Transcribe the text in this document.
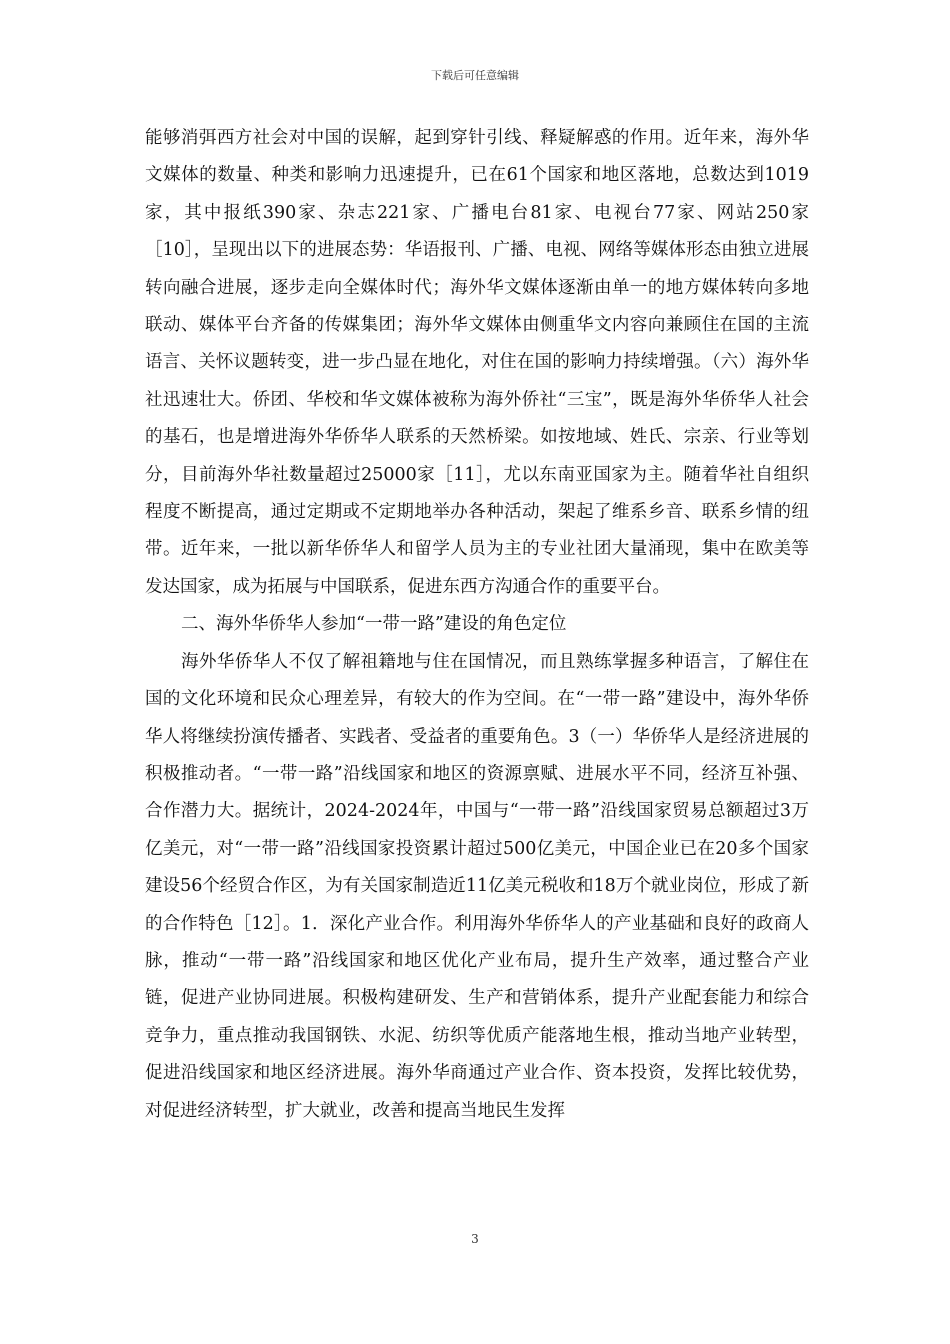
下载后可任意编辑

能够消弭西方社会对中国的误解，起到穿针引线、释疑解惑的作用。近年来，海外华文媒体的数量、种类和影响力迅速提升，已在61个国家和地区落地，总数达到1019家，其中报纸390家、杂志221家、广播电台81家、电视台77家、网站250家［10］，呈现出以下的进展态势：华语报刊、广播、电视、网络等媒体形态由独立进展转向融合进展，逐步走向全媒体时代；海外华文媒体逐渐由单一的地方媒体转向多地联动、媒体平台齐备的传媒集团；海外华文媒体由侧重华文内容向兼顾住在国的主流语言、关怀议题转变，进一步凸显在地化，对住在国的影响力持续增强。（六）海外华社迅速壮大。侨团、华校和华文媒体被称为海外侨社“三宝”，既是海外华侨华人社会的基石，也是增进海外华侨华人联系的天然桥梁。如按地域、姓氏、宗亲、行业等划分，目前海外华社数量超过25000家［11］，尤以东南亚国家为主。随着华社自组织程度不断提高，通过定期或不定期地举办各种活动，架起了维系乡音、联系乡情的纽带。近年来，一批以新华侨华人和留学人员为主的专业社团大量涌现，集中在欧美等发达国家，成为拓展与中国联系，促进东西方沟通合作的重要平台。

二、海外华侨华人参加“一带一路”建设的角色定位

海外华侨华人不仅了解祖籍地与住在国情况，而且熟练掌握多种语言，了解住在国的文化环境和民众心理差异，有较大的作为空间。在“一带一路”建设中，海外华侨华人将继续扮演传播者、实践者、受益者的重要角色。3（一）华侨华人是经济进展的积极推动者。“一带一路”沿线国家和地区的资源禀赋、进展水平不同，经济互补强、合作潜力大。据统计，2024-2024年，中国与“一带一路”沿线国家贸易总额超过3万亿美元，对“一带一路”沿线国家投资累计超过500亿美元，中国企业已在20多个国家建设56个经贸合作区，为有关国家制造近11亿美元税收和18万个就业岗位，形成了新的合作特色［12］。1．深化产业合作。利用海外华侨华人的产业基础和良好的政商人脉，推动“一带一路”沿线国家和地区优化产业布局，提升生产效率，通过整合产业链，促进产业协同进展。积极构建研发、生产和营销体系，提升产业配套能力和综合竞争力，重点推动我国钢铁、水泥、纺织等优质产能落地生根，推动当地产业转型，促进沿线国家和地区经济进展。海外华商通过产业合作、资本投资，发挥比较优势，对促进经济转型，扩大就业，改善和提高当地民生发挥

3
